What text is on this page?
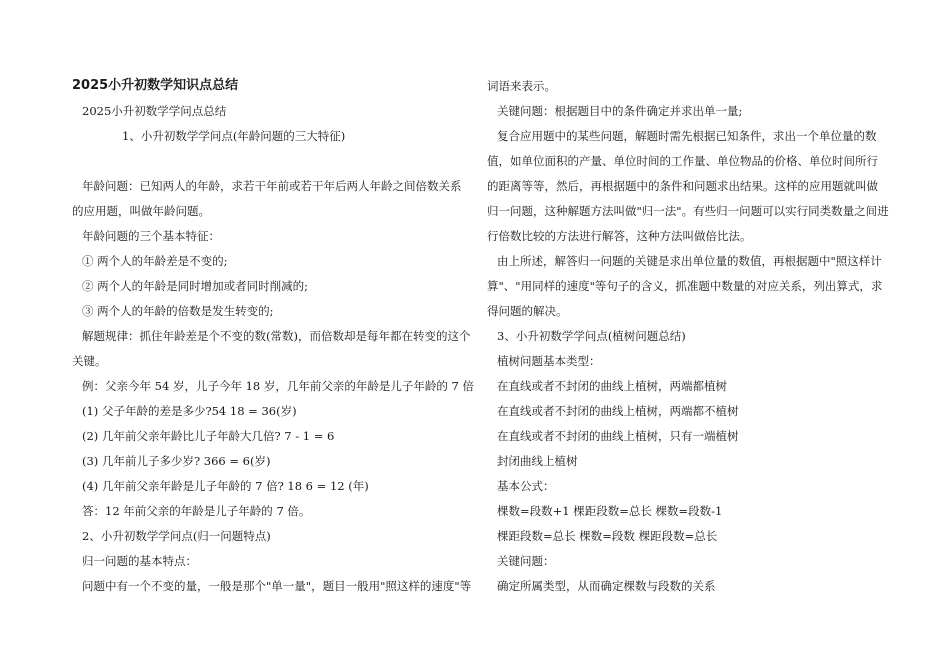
2025小升初数学知识点总结
2025小升初数学学问点总结
1、小升初数学学问点(年龄问题的三大特征)
年龄问题：已知两人的年龄，求若干年前或若干年后两人年龄之间倍数关系
的应用题，叫做年龄问题。
年龄问题的三个基本特征：
① 两个人的年龄差是不变的;
② 两个人的年龄是同时增加或者同时削减的;
③ 两个人的年龄的倍数是发生转变的;
解题规律：抓住年龄差是个不变的数(常数)，而倍数却是每年都在转变的这个
关键。
例：父亲今年 54 岁，儿子今年 18 岁，几年前父亲的年龄是儿子年龄的 7 倍
(1) 父子年龄的差是多少?54 18 = 36(岁)
(2) 几年前父亲年龄比儿子年龄大几倍? 7 - 1 = 6
(3) 几年前儿子多少岁? 366 = 6(岁)
(4) 几年前父亲年龄是儿子年龄的 7 倍? 18 6 = 12 (年)
答：12 年前父亲的年龄是儿子年龄的 7 倍。
2、小升初数学学问点(归一问题特点)
归一问题的基本特点：
问题中有一个不变的量，一般是那个"单一量"，题目一般用"照这样的速度"等
词语来表示。
关键问题：根据题目中的条件确定并求出单一量;
复合应用题中的某些问题，解题时需先根据已知条件，求出一个单位量的数
值，如单位面积的产量、单位时间的工作量、单位物品的价格、单位时间所行
的距离等等，然后，再根据题中的条件和问题求出结果。这样的应用题就叫做
归一问题，这种解题方法叫做"归一法"。有些归一问题可以实行同类数量之间进
行倍数比较的方法进行解答，这种方法叫做倍比法。
由上所述，解答归一问题的关键是求出单位量的数值，再根据题中"照这样计
算"、"用同样的速度"等句子的含义，抓准题中数量的对应关系，列出算式，求
得问题的解决。
3、小升初数学学问点(植树问题总结)
植树问题基本类型：
在直线或者不封闭的曲线上植树，两端都植树
在直线或者不封闭的曲线上植树，两端都不植树
在直线或者不封闭的曲线上植树，只有一端植树
封闭曲线上植树
基本公式：
棵数=段数+1 棵距段数=总长 棵数=段数-1
棵距段数=总长 棵数=段数 棵距段数=总长
关键问题：
确定所属类型，从而确定棵数与段数的关系
